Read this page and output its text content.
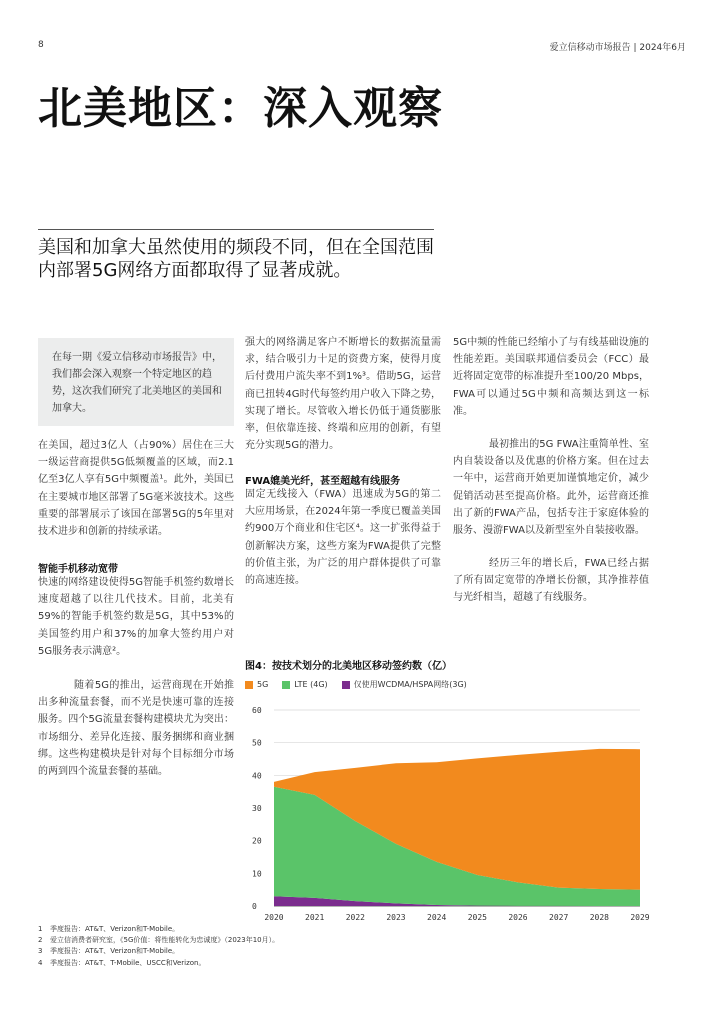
8	爱立信移动市场报告 | 2024年6月
北美地区：深入观察
美国和加拿大虽然使用的频段不同，但在全国范围内部署5G网络方面都取得了显著成就。
在每一期《爱立信移动市场报告》中，我们都会深入观察一个特定地区的趋势，这次我们研究了北美地区的美国和加拿大。
在美国，超过3亿人（占90%）居住在三大一级运营商提供5G低频覆盖的区域，而2.1亿至3亿人享有5G中频覆盖¹。此外，美国已在主要城市地区部署了5G毫米波技术。这些重要的部署展示了该国在部署5G的5年里对技术进步和创新的持续承诺。
智能手机移动宽带
快速的网络建设使得5G智能手机签约数增长速度超越了以往几代技术。目前，北美有59%的智能手机签约数是5G，其中53%的美国签约用户和37%的加拿大签约用户对5G服务表示满意²。
随着5G的推出，运营商现在开始推出多种流量套餐，而不光是快速可靠的连接服务。四个5G流量套餐构建模块尤为突出：市场细分、差异化连接、服务捆绑和商业捆绑。这些构建模块是针对每个目标细分市场的两到四个流量套餐的基础。
强大的网络满足客户不断增长的数据流量需求，结合吸引力十足的资费方案，使得月度后付费用户流失率不到1%³。借助5G，运营商已扭转4G时代每签约用户收入下降之势，实现了增长。尽管收入增长仍低于通货膨胀率，但依靠连接、终端和应用的创新，有望充分实现5G的潜力。
FWA媲美光纤，甚至超越有线服务
固定无线接入（FWA）迅速成为5G的第二大应用场景，在2024年第一季度已覆盖美国约900万个商业和住宅区⁴。这一扩张得益于创新解决方案，这些方案为FWA提供了完整的价值主张，为广泛的用户群体提供了可靠的高速连接。
5G中频的性能已经缩小了与有线基础设施的性能差距。美国联邦通信委员会（FCC）最近将固定宽带的标准提升至100/20 Mbps，FWA可以通过5G中频和高频达到这一标准。
最初推出的5G FWA注重简单性、室内自装设备以及优惠的价格方案。但在过去一年中，运营商开始更加谨慎地定价，减少促销活动甚至提高价格。此外，运营商还推出了新的FWA产品，包括专注于家庭体验的服务、漫游FWA以及新型室外自装接收器。
经历三年的增长后，FWA已经占据了所有固定宽带的净增长份额，其净推荐值与光纤相当，超越了有线服务。
图4：按技术划分的北美地区移动签约数（亿）
5G	LTE (4G)	仅使用WCDMA/HSPA网络(3G)
0
10
20
30
40
50
60
2020	2021	2022	2023	2024	2025	2026	2027	2028	2029
1 季度报告：AT&T、Verizon和T-Mobile。
2 爱立信消费者研究室，《5G价值：将性能转化为忠诚度》（2023年10月）。
3 季度报告：AT&T、Verizon和T-Mobile。
4 季度报告：AT&T、T-Mobile、USCC和Verizon。
